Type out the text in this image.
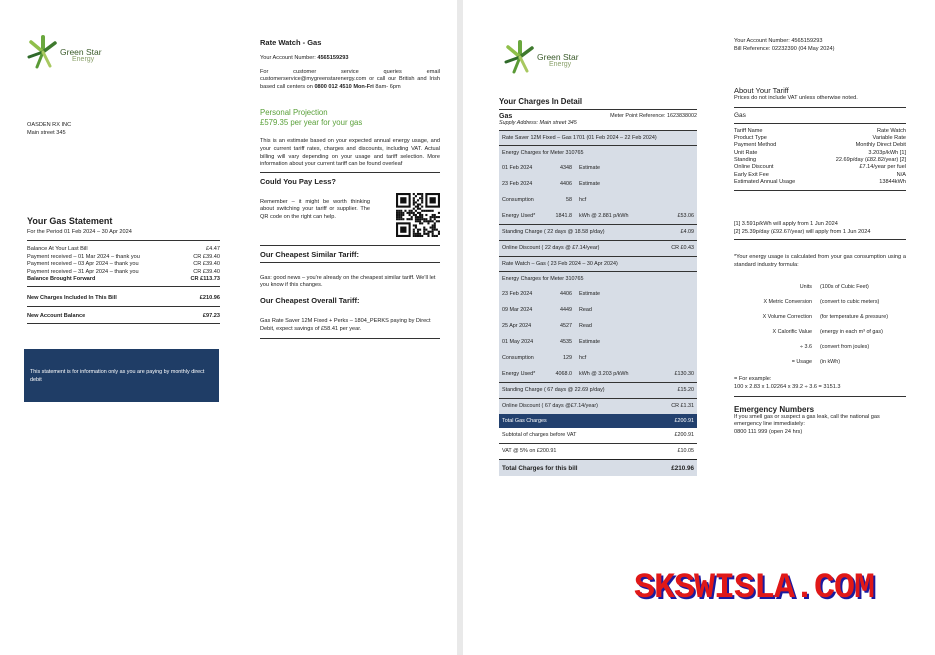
Green Star
Energy
OASDEN RX INC
Main street 345
Your Gas Statement
For the Period 01 Feb 2024 – 30 Apr 2024
Balance At Your Last Bill	£4.47
Payment received – 01 Mar 2024 – thank you	CR £39.40
Payment received – 03 Apr 2024 – thank you	CR £39.40
Payment received – 31 Apr 2024 – thank you	CR £39.40
Balance Brought Forward	CR £113.73
New Charges Included In This Bill	£210.96
New Account Balance	£97.23
This statement is for information only as you are paying by monthly direct debit
Rate Watch - Gas
Your Account Number: 4565159293
For customer service queries email customerservice@mygreenstarenergy.com or call our British and Irish based call centers on 0800 012 4510 Mon-Fri 8am- 6pm
Personal Projection
£579.35 per year for your gas
This is an estimate based on your expected annual energy usage, and your current tariff rates, charges and discounts, including VAT. Actual billing will vary depending on your usage and tariff selection. More information about your current tariff can be found overleaf
Could You Pay Less?
Remember – it might be worth thinking about switching your tariff or supplier. The QR code on the right can help.
Our Cheapest Similar Tariff:
Gas: good news – you're already on the cheapest similar tariff. We'll let you know if this changes.
Our Cheapest Overall Tariff:
Gas Rate Saver 12M Fixed + Perks – 1804_PERKS paying by Direct Debit, expect savings of £58.41 per year.
Green Star
Energy
Your Charges In Detail
Gas	Meter Point Reference: 1623838002
Supply Address: Main street 345
Rate Saver 12M Fixed – Gas 1701 (01 Feb 2024 – 22 Feb 2024)
Energy Charges for Meter 310765
01 Feb 2024	4348 Estimate
23 Feb 2024	4406 Estimate
Consumption	58 hcf
Energy Used*	1841.8 kWh @ 2.881 p/kWh	£53.06
Standing Charge ( 22 days @ 18.58 p/day)	£4.09
Online Discount ( 22 days @ £7.14/year)	CR £0.43
Rate Watch – Gas ( 23 Feb 2024 – 30 Apr 2024)
Energy Charges for Meter 310765
23 Feb 2024	4406 Estimate
09 Mar 2024	4449 Read
25 Apr 2024	4527 Read
01 May 2024	4535 Estimate
Consumption	129 hcf
Energy Used*	4068.0 kWh @ 3.203 p/kWh	£130.30
Standing Charge ( 67 days @ 22.69 p/day)	£15.20
Online Discount ( 67 days @£7.14/year)	CR £1.31
Total Gas Charges	£200.91
Subtotal of charges before VAT	£200.91
VAT @ 5% on £200.91	£10.05
Total Charges for this bill	£210.96
Your Account Number: 4565159293
Bill Reference: 02232390 (04 May 2024)
About Your Tariff
Prices do not include VAT unless otherwise noted.
Gas
Tariff Name	Rate Watch
Product Type	Variable Rate
Payment Method	Monthly Direct Debit
Unit Rate	3.203p/kWh [1]
Standing	22.69p/day (£82.82/year) [2]
Online Discount	£7.14/year per fuel
Early Exit Fee	N/A
Estimated Annual Usage	13844kWh
[1] 3.591p/kWh will apply from 1 Jun 2024
[2] 25.39p/day (£92.67/year) will apply from 1 Jun 2024
*Your energy usage is calculated from your gas consumption using a standard industry formula:
Units (100s of Cubic Feet)
X Metric Conversion (convert to cubic meters)
X Volume Correction (for temperature & pressure)
X Calorific Value (energy in each m³ of gas)
÷ 3.6 (convert from joules)
= Usage (in kWh)
= For example:
100 x 2.83 x 1.02264 x 39.2 ÷ 3.6 = 3151.3
Emergency Numbers
If you smell gas or suspect a gas leak, call the national gas emergency line immediately:
0800 111 999 (open 24 hrs)
SKSWISLA.COM
